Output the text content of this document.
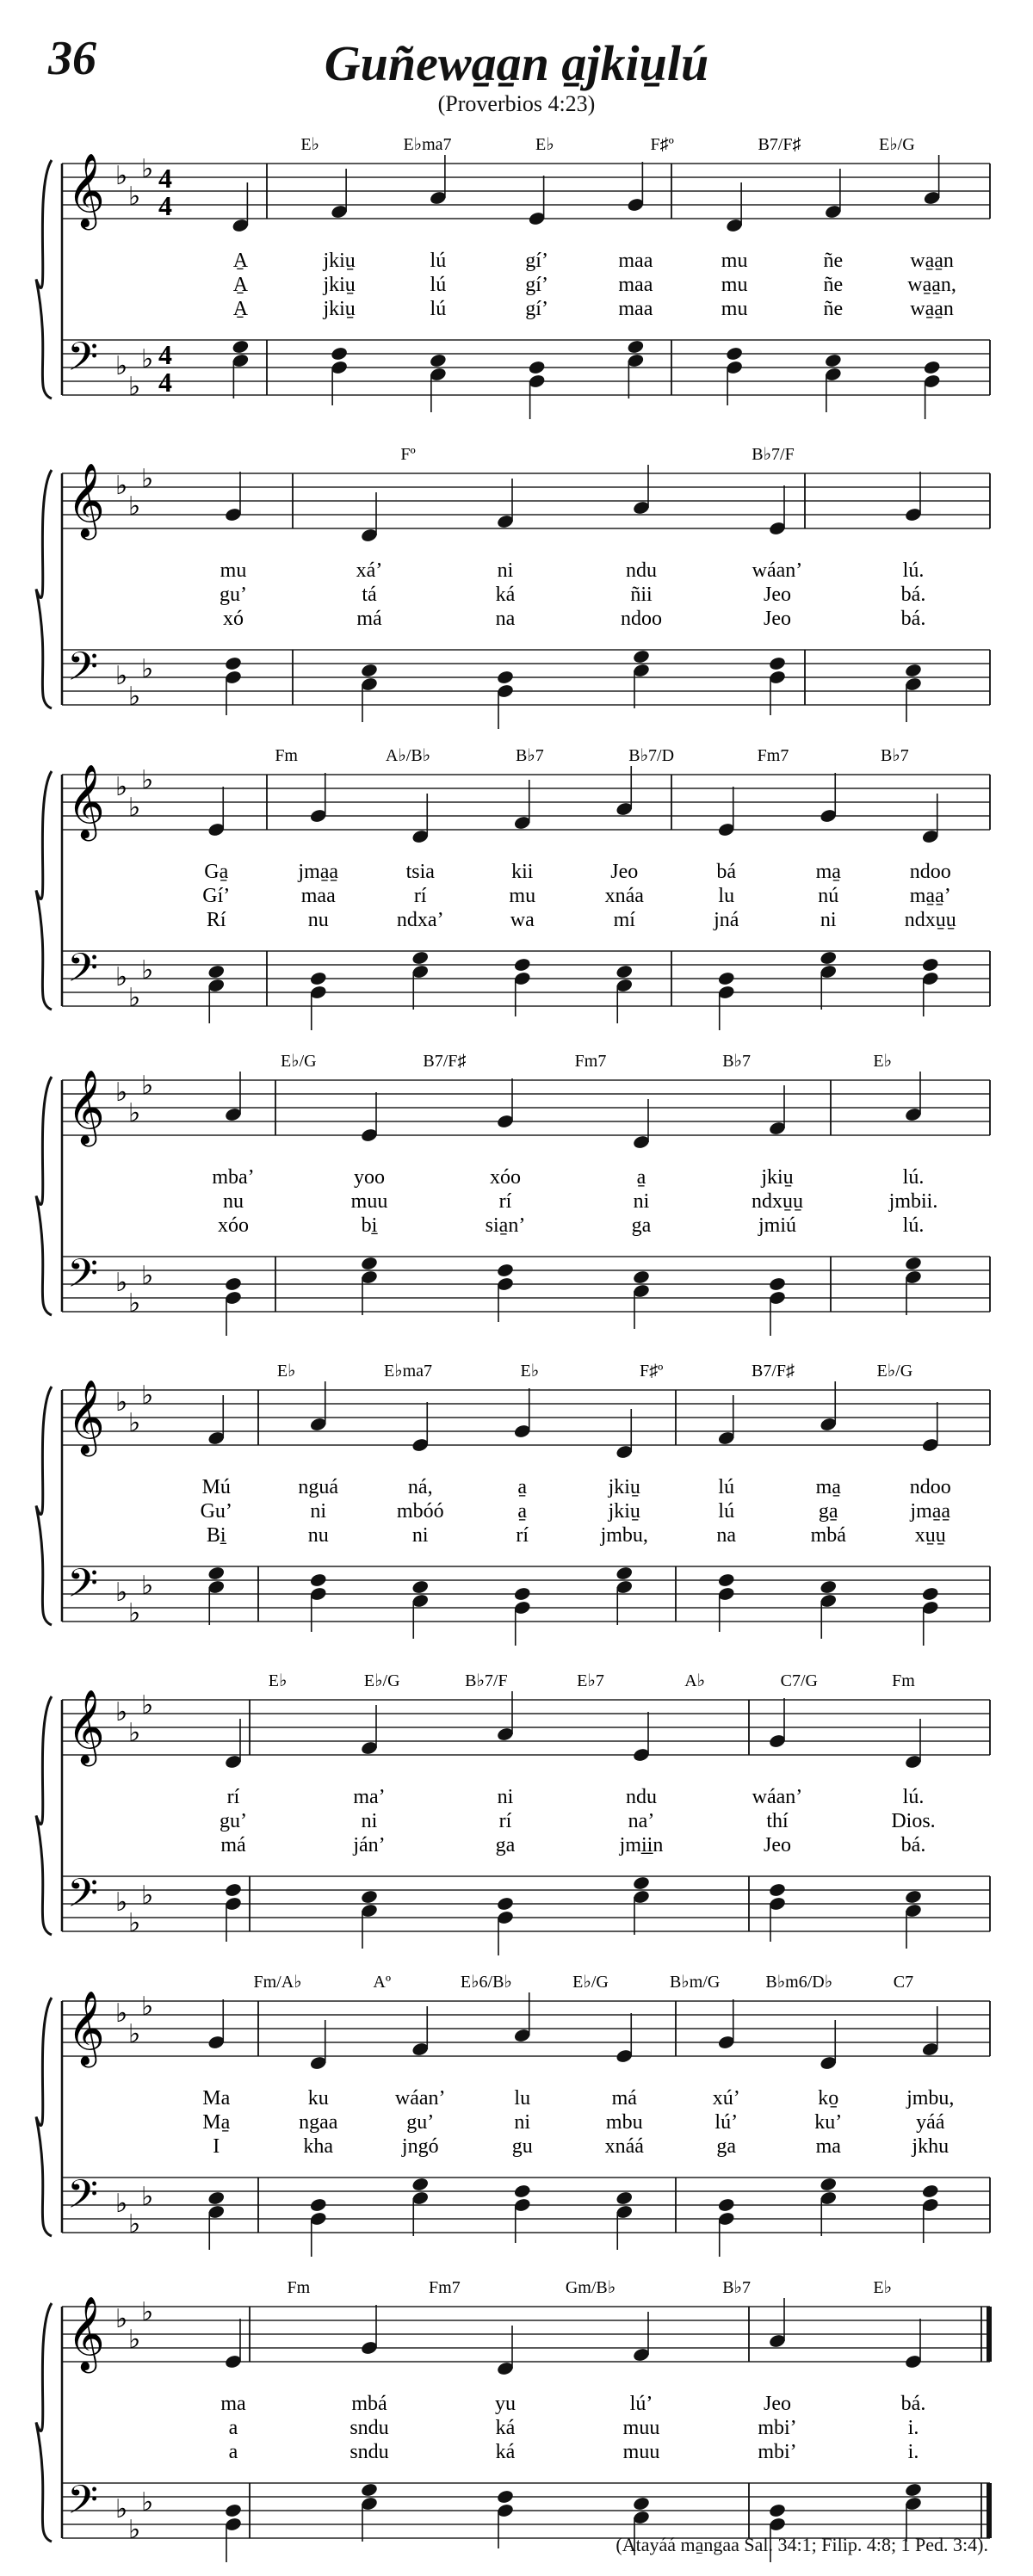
36	Guñewa̱a̱n a̱jkiu̱lú
(Proverbios 4:23)
𝄞 ♭
♭
♭ 4
4
𝄢 ♭
♭
♭ 4
4
E♭	E♭ma7	E♭	F♯º	B7/F♯	E♭/G
A̱	jkiu̱	lú	gí’	maa	mu	ñe	wa̱a̱n
A̱	jkiu̱	lú	gí’	maa	mu	ñe	wa̱a̱n,
A̱	jkiu̱	lú	gí’	maa	mu	ñe	wa̱a̱n
𝄞 ♭
♭
♭
𝄢 ♭
♭
♭
Fº	B♭7/F
mu	xá’	ni	ndu	wáan’	lú.
gu’	tá	ká	ñii	Jeo	bá.
xó	má	na	ndoo	Jeo	bá.
𝄞 ♭
♭
♭
𝄢 ♭
♭
♭
Fm	A♭/B♭	B♭7	B♭7/D	Fm7	B♭7
Ga̱	jma̱a̱	tsia	kii	Jeo	bá	ma̱	ndoo
Gí’	maa	rí	mu	xnáa	lu	nú	ma̱a̱’
Rí	nu	ndxa’	wa	mí	jná	ni	ndxu̱u̱
𝄞 ♭
♭
♭
𝄢 ♭
♭
♭
E♭/G	B7/F♯	Fm7	B♭7	E♭
mba’	yoo	xóo	a̱	jkiu̱	lú.
nu	muu	rí	ni	ndxu̱u̱	jmbii.
xóo	bi̱	sia̱n’	ga	jmiú	lú.
𝄞 ♭
♭
♭
𝄢 ♭
♭
♭
E♭	E♭ma7	E♭	F♯º	B7/F♯	E♭/G
Mú	nguá	ná,	a̱	jkiu̱	lú	ma̱	ndoo
Gu’	ni	mbóó	a̱	jkiu̱	lú	ga̱	jma̱a̱
Bi̱	nu	ni	rí	jmbu,	na	mbá	xu̱u̱
𝄞 ♭
♭
♭
𝄢 ♭
♭
♭
E♭	E♭/G	B♭7/F	E♭7	A♭	C7/G	Fm
rí	ma’	ni	ndu	wáan’	lú.
gu’	ni	rí	na’	thí	Dios.
má	ján’	ga	jmi̱i̱n	Jeo	bá.
𝄞 ♭
♭
♭
𝄢 ♭
♭
♭
Fm/A♭	Aº	E♭6/B♭	E♭/G	B♭m/G	B♭m6/D♭	C7
Ma	ku	wáan’	lu	má	xú’	ko̱	jmbu,
Ma̱	ngaa	gu’	ni	mbu	lú’	ku’	yáá
I	kha	jngó	gu	xnáá	ga	ma	jkhu
𝄞 ♭
♭
♭
𝄢 ♭
♭
♭
Fm	Fm7	Gm/B♭	B♭7	E♭
ma	mbá	yu	lú’	Jeo	bá.
a	sndu	ká	muu	mbi’	i.
a	sndu	ká	muu	mbi’	i.
(Atayáá ma̱ngaa Sal. 34:1; Filip. 4:8; 1 Ped. 3:4).
